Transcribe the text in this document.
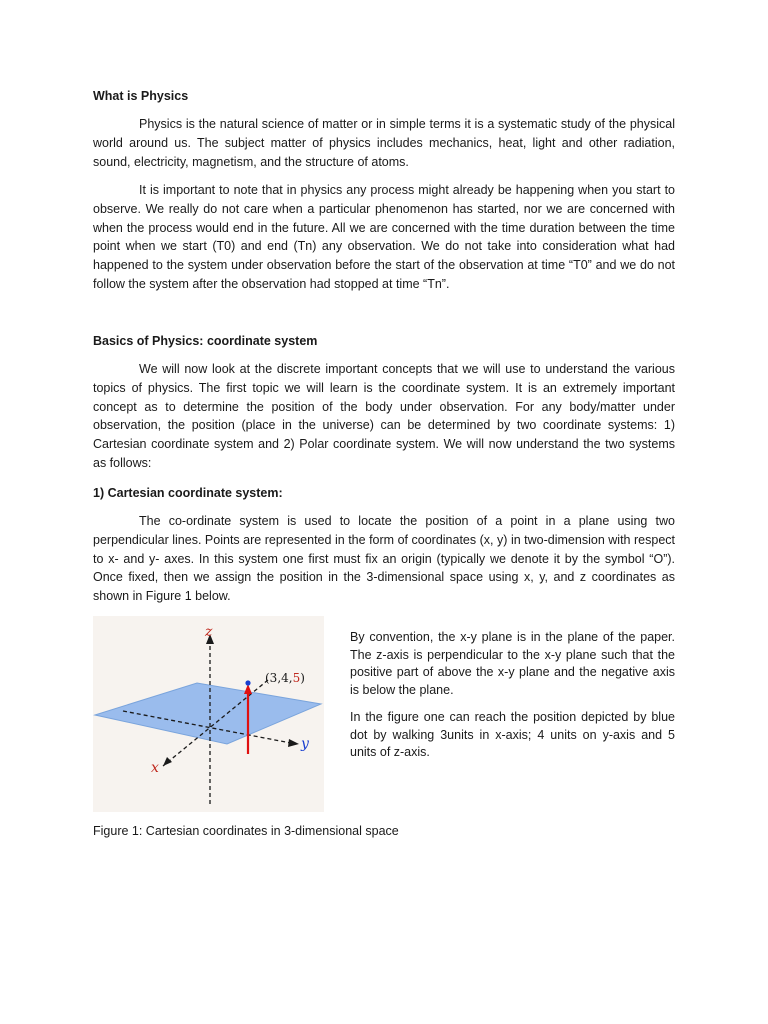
What is Physics

Physics is the natural science of matter or in simple terms it is a systematic study of the physical world around us. The subject matter of physics includes mechanics, heat, light and other radiation, sound, electricity, magnetism, and the structure of atoms.

It is important to note that in physics any process might already be happening when you start to observe. We really do not care when a particular phenomenon has started, nor we are concerned with when the process would end in the future. All we are concerned with the time duration between the time point when we start (T0) and end (Tn) any observation. We do not take into consideration what had happened to the system under observation before the start of the observation at time “T0” and we do not follow the system after the observation had stopped at time “Tn”.

Basics of Physics: coordinate system

We will now look at the discrete important concepts that we will use to understand the various topics of physics. The first topic we will learn is the coordinate system. It is an extremely important concept as to determine the position of the body under observation. For any body/matter under observation, the position (place in the universe) can be determined by two coordinate systems: 1) Cartesian coordinate system and 2) Polar coordinate system. We will now understand the two systems as follows:

1) Cartesian coordinate system:

The co-ordinate system is used to locate the position of a point in a plane using two perpendicular lines. Points are represented in the form of coordinates (x, y) in two-dimension with respect to x- and y- axes. In this system one first must fix an origin (typically we denote it by the symbol “O”). Once fixed, then we assign the position in the 3-dimensional space using x, y, and z coordinates as shown in Figure 1 below.

z
y
x
(3,4,5)

By convention, the x-y plane is in the plane of the paper. The z-axis is perpendicular to the x-y plane such that the positive part of above the x-y plane and the negative axis is below the plane.

In the figure one can reach the position depicted by blue dot by walking 3units in x-axis; 4 units on y-axis and 5 units of z-axis.

Figure 1: Cartesian coordinates in 3-dimensional space
